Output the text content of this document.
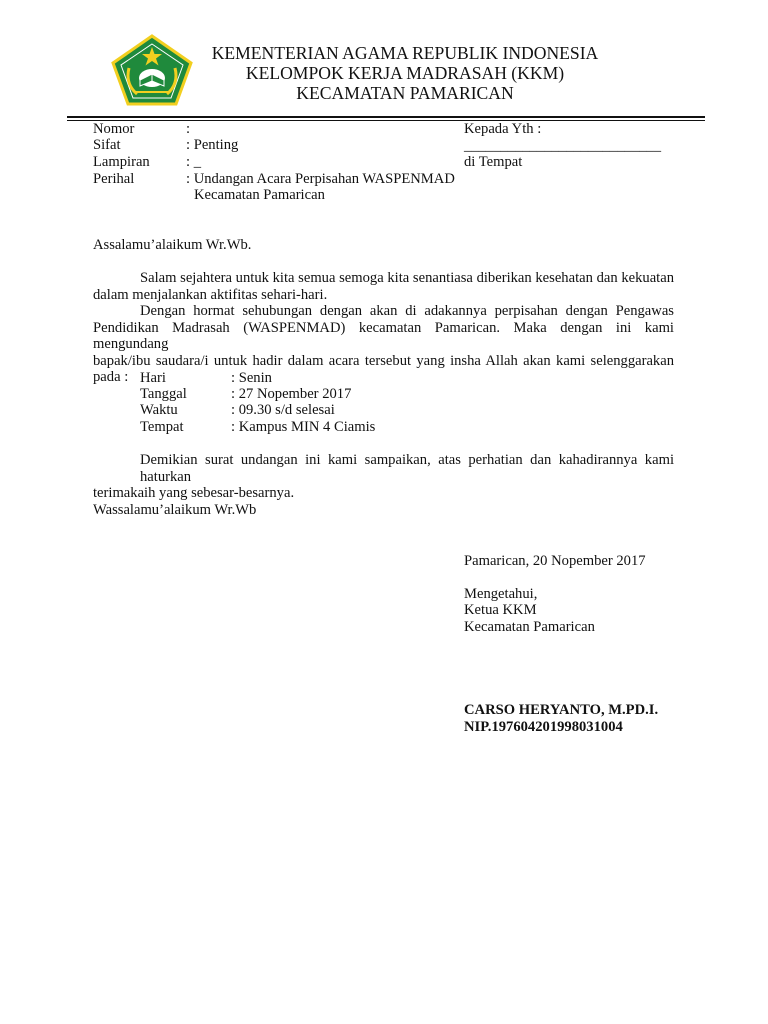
KEMENTERIAN AGAMA REPUBLIK INDONESIA
KELOMPOK KERJA MADRASAH (KKM)
KECAMATAN PAMARICAN
Nomor	:
Sifat	: Penting
Lampiran : _
Perihal	: Undangan Acara Perpisahan WASPENMAD
Kecamatan Pamarican
Kepada Yth :
___________________________
di Tempat
Assalamu’alaikum Wr.Wb.
Salam sejahtera untuk kita semua semoga kita senantiasa diberikan kesehatan dan kekuatan
dalam menjalankan aktifitas sehari-hari.
Dengan hormat sehubungan dengan akan di adakannya perpisahan dengan Pengawas
Pendidikan Madrasah (WASPENMAD) kecamatan Pamarican. Maka dengan ini kami mengundang
bapak/ibu saudara/i untuk hadir dalam acara tersebut yang insha Allah akan kami selenggarakan pada : Hari	: Senin
Tanggal	: 27 Nopember 2017
Waktu	: 09.30 s/d selesai
Tempat	: Kampus MIN 4 Ciamis
Demikian surat undangan ini kami sampaikan, atas perhatian dan kahadirannya kami haturkan
terimakaih yang sebesar-besarnya.
Wassalamu’alaikum Wr.Wb
Pamarican, 20 Nopember 2017
Mengetahui,
Ketua KKM
Kecamatan Pamarican
CARSO HERYANTO, M.PD.I.
NIP.197604201998031004
